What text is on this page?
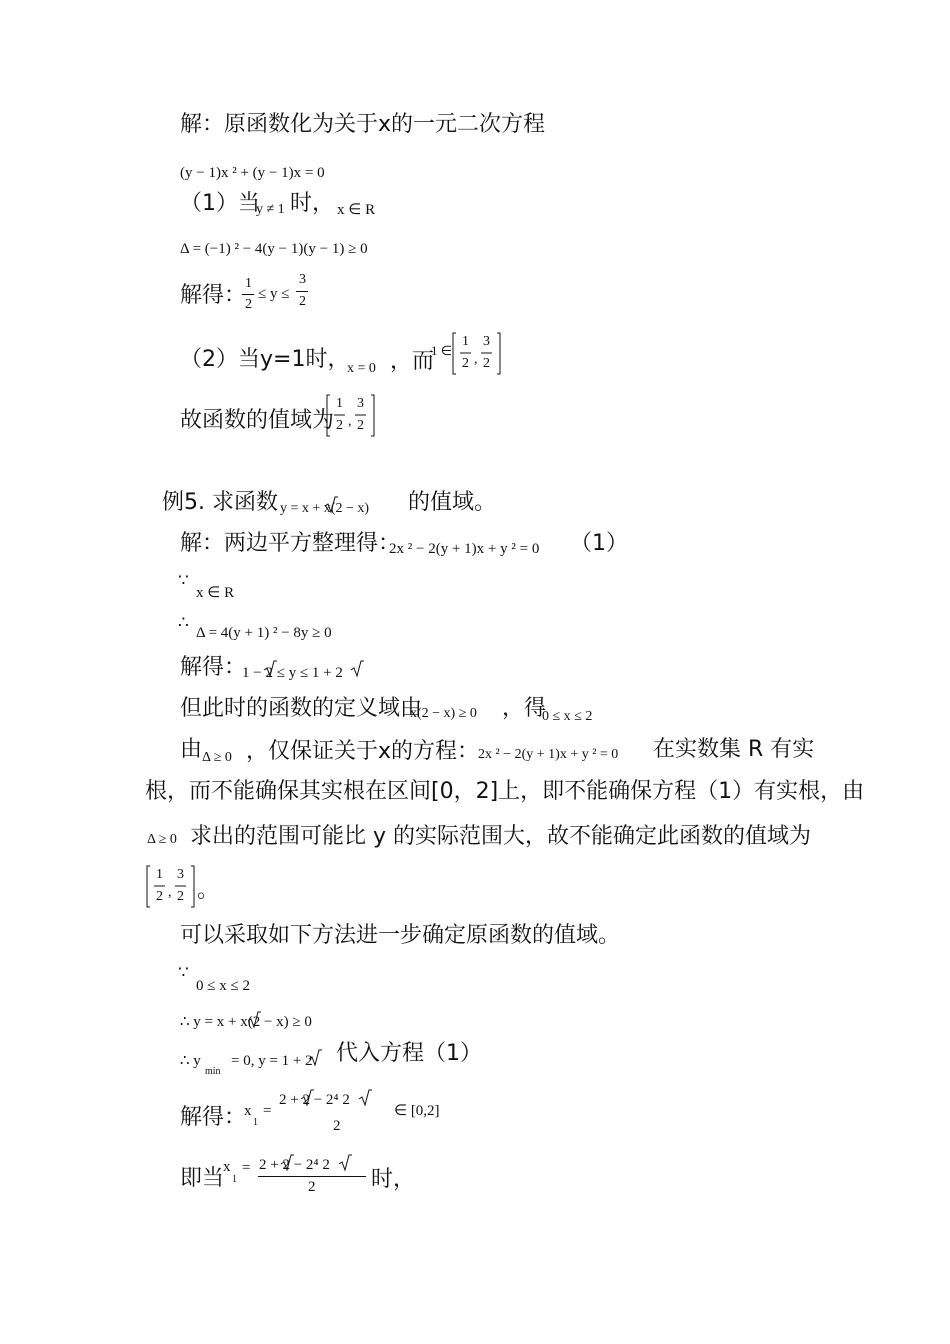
解：原函数化为关于x的一元二次方程
(y − 1)x ² + (y − 1)x = 0
（1）当
y ≠ 1 时， x ∈ R
Δ = (−1) ² − 4(y − 1)(y − 1) ≥ 0
解得：
1
2
≤ y ≤
3
2
（2）当y=1时，
x = 0 ，而
1 ∈
1
2 ,
3
2
故函数的值域为
1
2 ,
3
2
例5. 求函数 y = x + x(2 − x) 的值域。
解：两边平方整理得：
2x ² − 2(y + 1)x + y ² = 0 （1）
∵
x ∈ R
∴
Δ = 4(y + 1) ² − 8y ≥ 0
解得：
1 − 2 ≤ y ≤ 1 + 2
但此时的函数的定义域由
x(2 − x) ≥ 0 ，得
0 ≤ x ≤ 2
由 Δ ≥ 0 ，仅保证关于x的方程：
2x ² − 2(y + 1)x + y ² = 0 在实数集 R 有实
根，而不能确保其实根在区间[0，2]上，即不能确保方程（1）有实根，由
Δ ≥ 0 求出的范围可能比 y 的实际范围大，故不能确定此函数的值域为
1
2 ,
3
2 。
可以采取如下方法进一步确定原函数的值域。
∵
0 ≤ x ≤ 2
∴ y = x + x(2 − x) ≥ 0
∴ y
min
= 0, y = 1 + 2 代入方程（1）
解得：
x
1
=
2 + 2 − 2⁴ 2
2
∈ [0,2]
即当
x
1
= 2 + 2 − 2⁴ 2
2	时，
